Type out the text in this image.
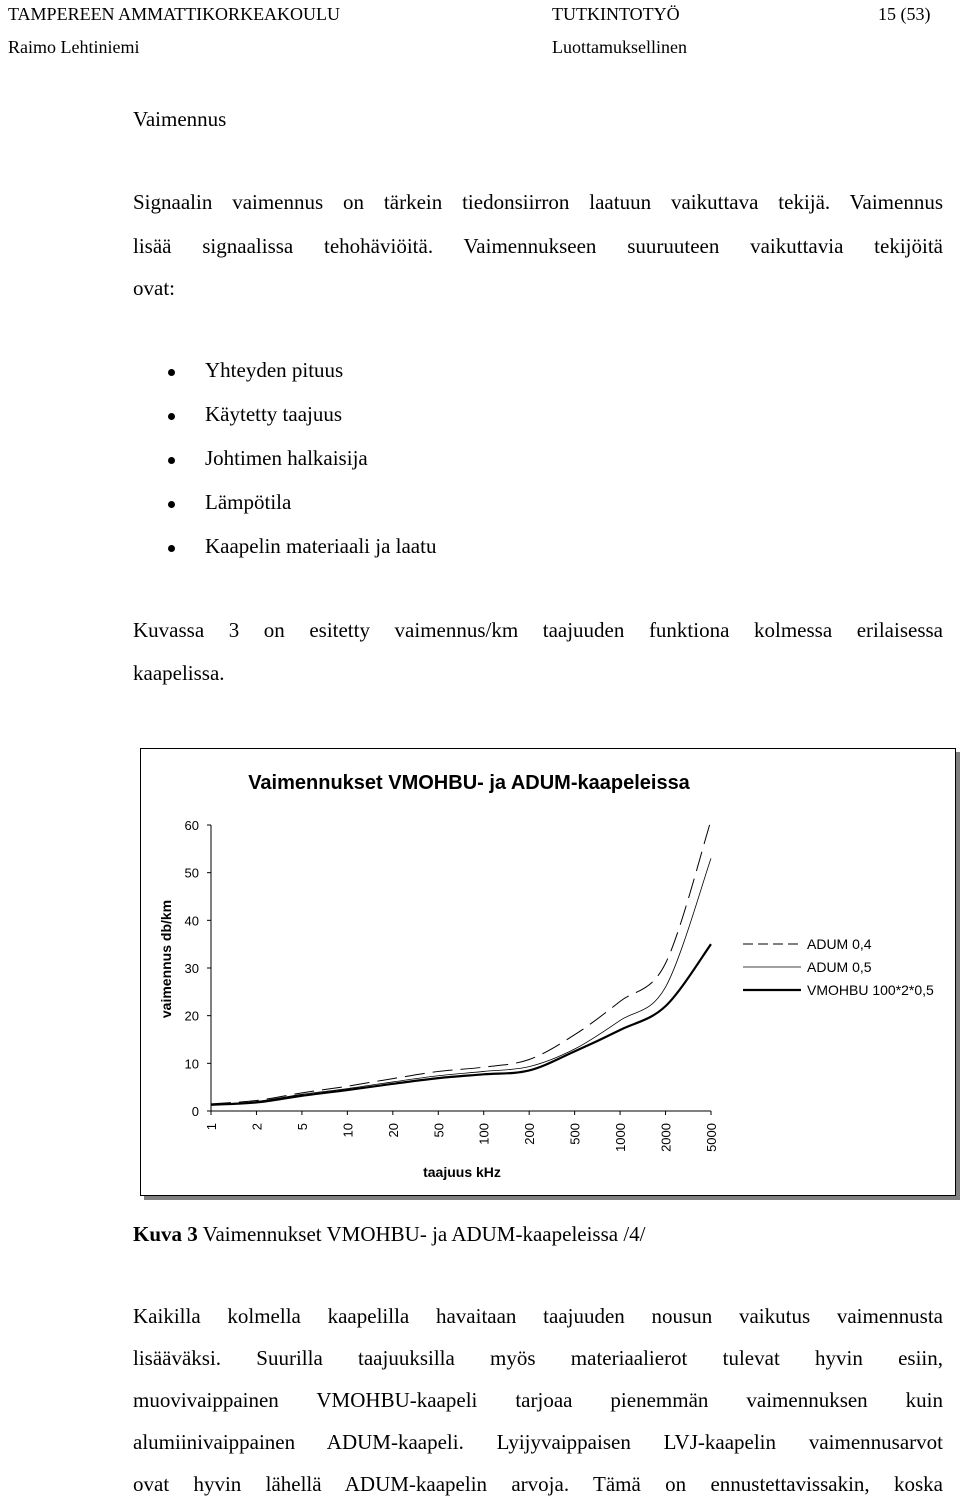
TAMPEREEN AMMATTIKORKEAKOULU	TUTKINTOTYÖ	15 (53)
Raimo Lehtiniemi	Luottamuksellinen
Vaimennus
Signaalin vaimennus on tärkein tiedonsiirron laatuun vaikuttava tekijä. Vaimennus
lisää signaalissa tehohäviöitä. Vaimennukseen suuruuteen vaikuttavia tekijöitä
ovat:
Yhteyden pituus
Käytetty taajuus
Johtimen halkaisija
Lämpötila
Kaapelin materiaali ja laatu
Kuvassa 3 on esitetty vaimennus/km taajuuden funktiona kolmessa erilaisessa
kaapelissa.
Vaimennukset VMOHBU- ja ADUM-kaapeleissa
vaimennus db/km
taajuus kHz
0
10
20
30
40
50
60
1 2 5 10 20 50 100 200 500 1000 2000 5000
ADUM 0,4
ADUM 0,5
VMOHBU 100*2*0,5
Kuva 3 Vaimennukset VMOHBU- ja ADUM-kaapeleissa /4/
Kaikilla kolmella kaapelilla havaitaan taajuuden nousun vaikutus vaimennusta
lisääväksi. Suurilla taajuuksilla myös materiaalierot tulevat hyvin esiin,
muovivaippainen VMOHBU-kaapeli tarjoaa pienemmän vaimennuksen kuin
alumiinivaippainen ADUM-kaapeli. Lyijyvaippaisen LVJ-kaapelin vaimennusarvot
ovat hyvin lähellä ADUM-kaapelin arvoja. Tämä on ennustettavissakin, koska
